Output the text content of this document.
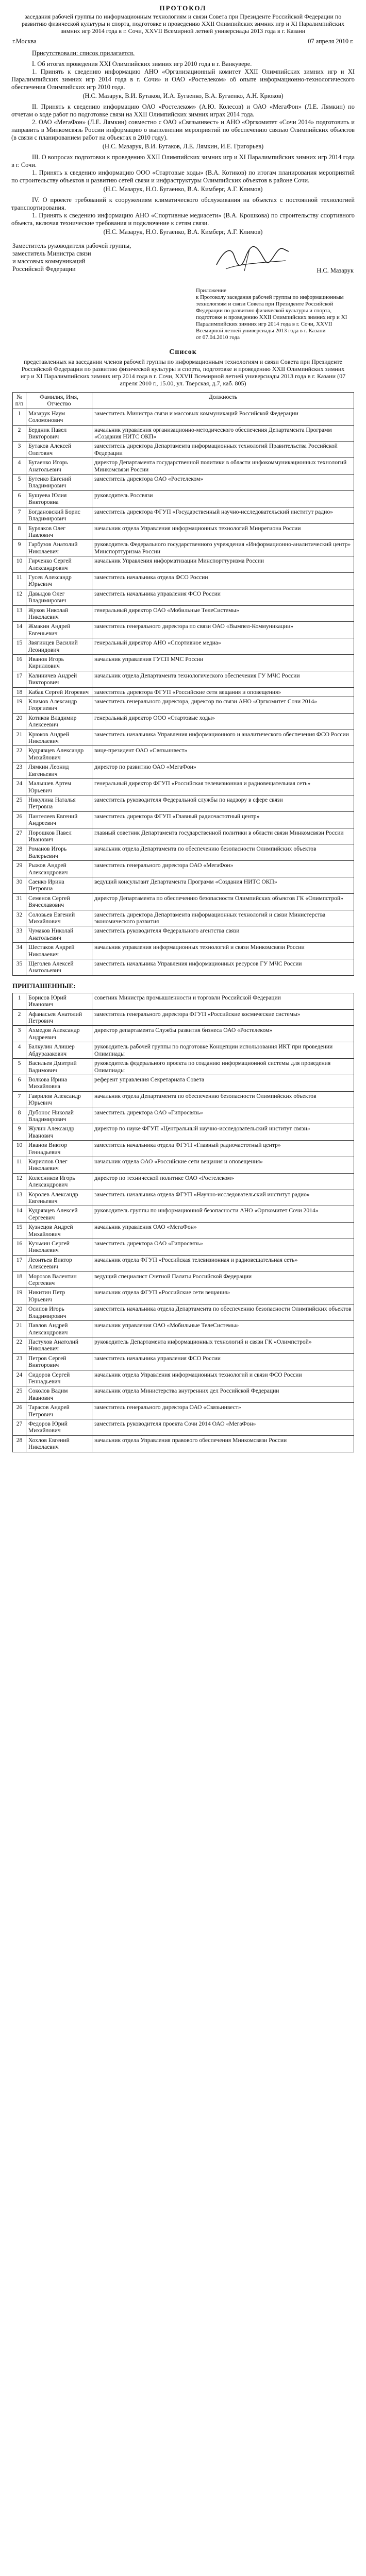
ПРОТОКОЛ
заседания рабочей группы по информационным технологиям и связи Совета при Президенте Российской Федерации по развитию физической культуры и спорта, подготовке и проведению XXII Олимпийских зимних игр и XI Паралимпийских зимних игр 2014 года в г. Сочи, XXVII Всемирной летней универсиады 2013 года в г. Казани
г.Москва	07 апреля 2010 г.
Присутствовали: список прилагается.
I. Об итогах проведения XXI Олимпийских зимних игр 2010 года в г. Ванкувере.
1. Принять к сведению информацию АНО «Организационный комитет XXII Олимпийских зимних игр и XI Паралимпийских зимних игр 2014 года в г. Сочи» и ОАО «Ростелеком» об опыте информационно-технологического обеспечения Олимпийских игр 2010 года.
(Н.С. Мазарук, В.И. Бутаков, И.А. Бугаенко, В.А. Бугаенко, А.Н. Крюков)
II. Принять к сведению информацию ОАО «Ростелеком» (А.Ю. Колесов) и ОАО «МегаФон» (Л.Е. Лямкин) по отчетам о ходе работ по подготовке связи на XXII Олимпийских зимних играх 2014 года.
2. ОАО «МегаФон» (Л.Е. Лямкин) совместно с ОАО «Связьинвест» и АНО «Оргкомитет «Сочи 2014» подготовить и направить в Минкомсвязь России информацию о выполнении мероприятий по обеспечению связью Олимпийских объектов (в связи с планированием работ на объектах в 2010 году).
(Н.С. Мазарук, В.И. Бутаков, Л.Е. Лямкин, И.Е. Григорьев)
III. О вопросах подготовки к проведению XXII Олимпийских зимних игр и XI Паралимпийских зимних игр 2014 года в г. Сочи.
1. Принять к сведению информацию ООО «Стартовые ходы» (В.А. Котиков) по итогам планирования мероприятий по строительству объектов и развитию сетей связи и инфраструктуры Олимпийских объектов в районе Сочи.
(Н.С. Мазарук, Н.О. Бугаенко, В.А. Кимберг, А.Г. Климов)
IV. О проекте требований к сооружениям климатического обслуживания на объектах с постоянной технологией транспортирования.
1. Принять к сведению информацию АНО «Спортивные медиасети» (В.А. Крошкова) по строительству спортивного объекта, включая технические требования и подключение к сетям связи.
(Н.С. Мазарук, Н.О. Бугаенко, В.А. Кимберг, А.Г. Климов)
Заместитель руководителя рабочей группы,
заместитель Министра связи
и массовых коммуникаций
Российской Федерации	Н.С. Мазарук

Приложение

к Протоколу заседания рабочей группы по информационным технологиям и связи Совета при Президенте Российской Федерации по развитию физической культуры и спорта, подготовке и проведению XXII Олимпийских зимних игр и XI Паралимпийских зимних игр 2014 года в г. Сочи, XXVII Всемирной летней универсиады 2013 года в г. Казани

от 07.04.2010 года

Список
представленных на заседании членов рабочей группы по информационным технологиям и связи Совета при Президенте Российской Федерации по развитию физической культуры и спорта, подготовке и проведению XXII Олимпийских зимних игр и XI Паралимпийских зимних игр 2014 года в г. Сочи, XXVII Всемирной летней универсиады 2013 года в г. Казани (07 апреля 2010 г., 15.00, ул. Тверская, д.7, каб. 805)
№ п/п	Фамилия, Имя, Отчество	Должность
1	Мазарук Наум Соломонович	заместитель Министра связи и массовых коммуникаций Российской Федерации
2	Бердник Павел Викторович	начальник управления организационно-методического обеспечения Департамента Программ «Создания НИТС ОКП»
3	Бутаков Алексей Олегович	заместитель директора Департамента информационных технологий Правительства Российской Федерации
4	Бугаенко Игорь Анатольевич	директор Департамента государственной политики в области инфокоммуникационных технологий Минкомсвязи России
5	Бутенко Евгений Владимирович	заместитель директора ОАО «Ростелеком»
6	Бушуева Юлия Викторовна	руководитель Россвязи
7	Богдановский Борис Владимирович	заместитель директора ФГУП «Государственный научно-исследовательский институт радио»
8	Бурлаков Олег Павлович	начальник отдела Управления информационных технологий Минрегиона России
9	Гарбузов Анатолий Николаевич	руководитель Федерального государственного учреждения «Информационно-аналитический центр» Минспорттуризма России
10	Гирченко Сергей Александрович	начальник Управления информатизации Минспорттуризма России
11	Гусев Александр Юрьевич	заместитель начальника отдела ФСО России
12	Давыдов Олег Владимирович	заместитель начальника управления ФСО России
13	Жуков Николай Николаевич	генеральный директор ОАО «Мобильные ТелеСистемы»
14	Жмакин Андрей Евгеньевич	заместитель генерального директора по связи ОАО «Вымпел-Коммуникации»
15	Звягинцев Василий Леонидович	генеральный директор АНО «Спортивное медиа»
16	Иванов Игорь Кириллович	начальник управления ГУСП МЧС России
17	Калиничев Андрей Викторович	начальник отдела Департамента технологического обеспечения ГУ МЧС России
18	Кабак Сергей Игоревич	заместитель директора ФГУП «Российские сети вещания и оповещения»
19	Климов Александр Георгиевич	заместитель генерального директора, директор по связи АНО «Оргкомитет Сочи 2014»
20	Котиков Владимир Алексеевич	генеральный директор ООО «Стартовые ходы»
21	Крюков Андрей Николаевич	заместитель начальника Управления информационного и аналитического обеспечения ФСО России
22	Кудрявцев Александр Михайлович	вице-президент ОАО «Связьинвест»
23	Лямкин Леонид Евгеньевич	директор по развитию ОАО «МегаФон»
24	Малышев Артем Юрьевич	генеральный директор ФГУП «Российская телевизионная и радиовещательная сеть»
25	Никулина Наталья Петровна	заместитель руководителя Федеральной службы по надзору в сфере связи
26	Пантелеев Евгений Андреевич	заместитель директора ФГУП «Главный радиочастотный центр»
27	Порошков Павел Иванович	главный советник Департамента государственной политики в области связи Минкомсвязи России
28	Романов Игорь Валерьевич	начальник отдела Департамента по обеспечению безопасности Олимпийских объектов
29	Рыжов Андрей Александрович	заместитель генерального директора ОАО «МегаФон»
30	Саенко Ирина Петровна	ведущий консультант Департамента Программ «Создания НИТС ОКП»
31	Семенов Сергей Вячеславович	директор Департамента по обеспечению безопасности Олимпийских объектов ГК «Олимпстрой»
32	Соловьев Евгений Михайлович	заместитель директора Департамента информационных технологий и связи Министерства экономического развития
33	Чумаков Николай Анатольевич	заместитель руководителя Федерального агентства связи
34	Шестаков Андрей Николаевич	начальник управления информационных технологий и связи Минкомсвязи России
35	Щеголев Алексей Анатольевич	заместитель начальника Управления информационных ресурсов ГУ МЧС России
ПРИГЛАШЕННЫЕ:
1	Борисов Юрий Иванович	советник Министра промышленности и торговли Российской Федерации
2	Афанасьев Анатолий Петрович	заместитель генерального директора ФГУП «Российские космические системы»
3	Ахмедов Александр Андреевич	директор департамента Службы развития бизнеса ОАО «Ростелеком»
4	Балкулин Алишер Абдуразакович	руководитель рабочей группы по подготовке Концепции использования ИКТ при проведении Олимпиады
5	Васильев Дмитрий Вадимович	руководитель федерального проекта по созданию информационной системы для проведения Олимпиады
6	Волкова Ирина Михайловна	референт управления Секретариата Совета
7	Гаврилов Александр Юрьевич	начальник отдела Департамента по обеспечению безопасности Олимпийских объектов
8	Дубонос Николай Владимирович	заместитель директора ОАО «Гипросвязь»
9	Жулин Александр Иванович	директор по науке ФГУП «Центральный научно-исследовательский институт связи»
10	Иванов Виктор Геннадьевич	заместитель начальника отдела ФГУП «Главный радиочастотный центр»
11	Кириллов Олег Николаевич	начальник отдела ОАО «Российские сети вещания и оповещения»
12	Колесников Игорь Александрович	директор по технической политике ОАО «Ростелеком»
13	Королев Александр Евгеньевич	заместитель начальника отдела ФГУП «Научно-исследовательский институт радио»
14	Кудрявцев Алексей Сергеевич	руководитель группы по информационной безопасности АНО «Оргкомитет Сочи 2014»
15	Кузнецов Андрей Михайлович	начальник управления ОАО «МегаФон»
16	Кузьмин Сергей Николаевич	заместитель директора ОАО «Гипросвязь»
17	Леонтьев Виктор Алексеевич	начальник отдела ФГУП «Российская телевизионная и радиовещательная сеть»
18	Морозов Валентин Сергеевич	ведущий специалист Счетной Палаты Российской Федерации
19	Никитин Петр Юрьевич	начальник отдела ФГУП «Российские сети вещания»
20	Осипов Игорь Владимирович	заместитель начальника отдела Департамента по обеспечению безопасности Олимпийских объектов
21	Павлов Андрей Александрович	начальник управления ОАО «Мобильные ТелеСистемы»
22	Пастухов Анатолий Николаевич	руководитель Департамента информационных технологий и связи ГК «Олимпстрой»
23	Петров Сергей Викторович	заместитель начальника управления ФСО России
24	Сидоров Сергей Геннадьевич	начальник отдела Управления информационных технологий и связи ФСО России
25	Соколов Вадим Иванович	начальник отдела Министерства внутренних дел Российской Федерации
26	Тарасов Андрей Петрович	заместитель генерального директора ОАО «Связьинвест»
27	Федоров Юрий Михайлович	заместитель руководителя проекта Сочи 2014 ОАО «МегаФон»
28	Хохлов Евгений Николаевич	начальник отдела Управления правового обеспечения Минкомсвязи России
